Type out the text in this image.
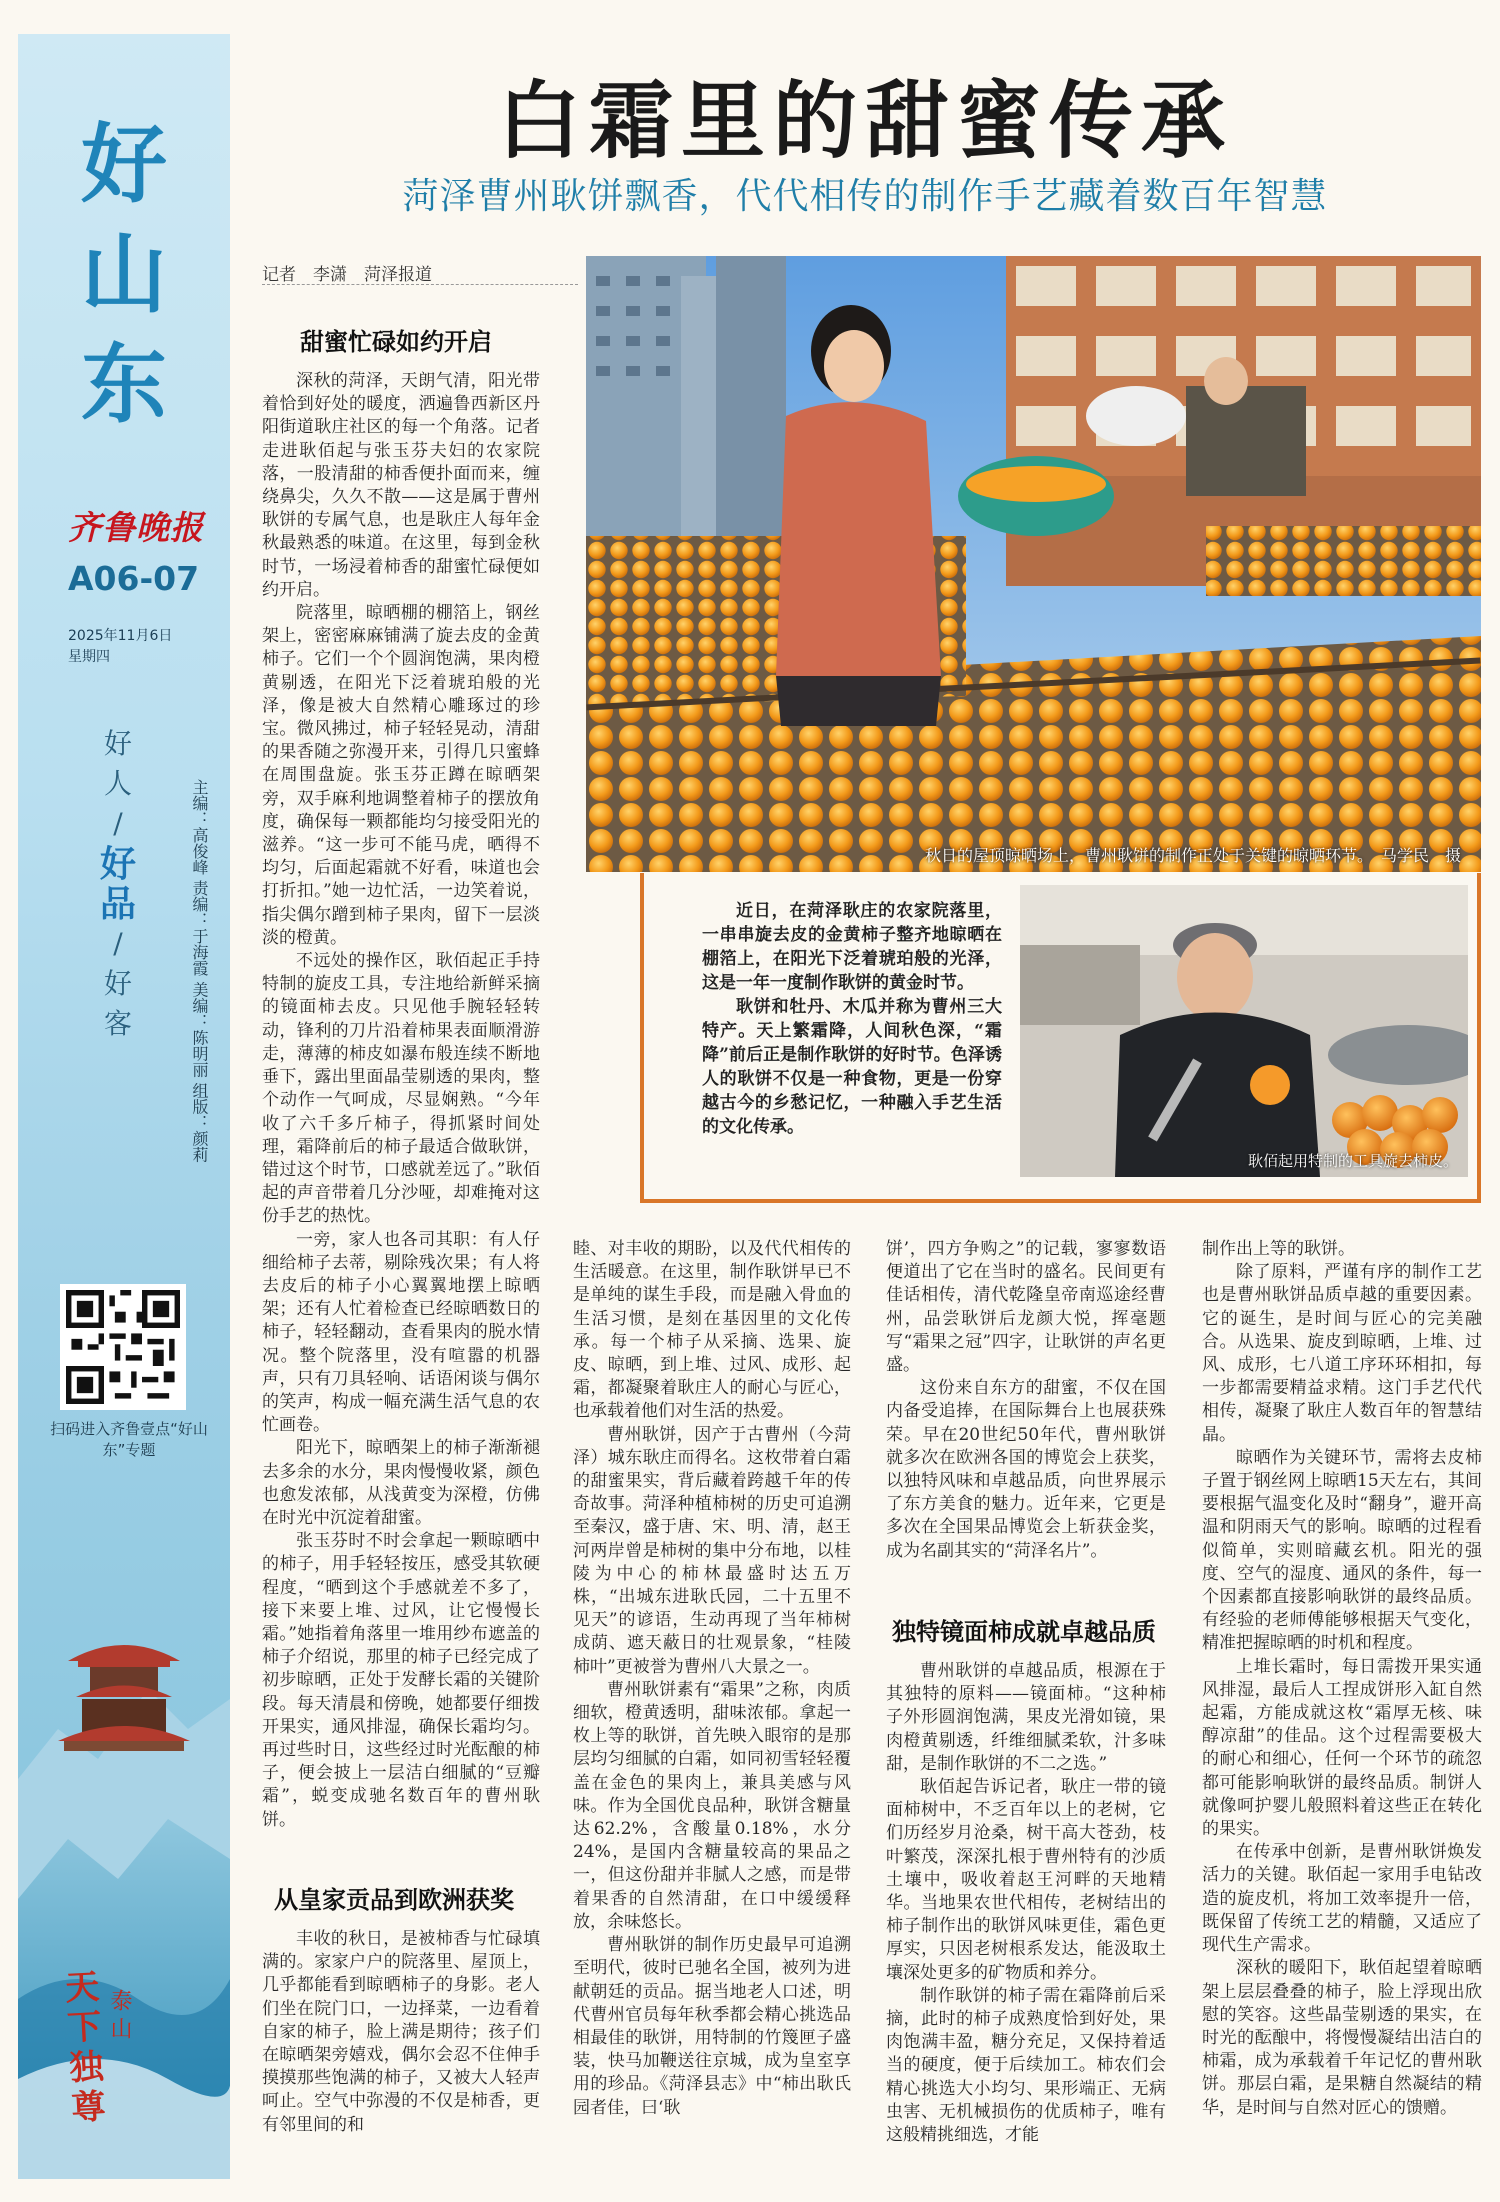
好
山
东
齐鲁晚报
A06-07
2025年11月6日
星期四
好
人
/
好
品
/
好
客	主编：高俊峰 责编：于海霞 美编：陈明丽 组版：颜莉
扫码进入齐鲁壹点“好山东”专题
天下独尊 泰山
白霜里的甜蜜传承
菏泽曹州耿饼飘香，代代相传的制作手艺藏着数百年智慧
记者　李潇　菏泽报道
秋日的屋顶晾晒场上，曹州耿饼的制作正处于关键的晾晒环节。　马学民　摄

近日，在菏泽耿庄的农家院落里，一串串旋去皮的金黄柿子整齐地晾晒在棚箔上，在阳光下泛着琥珀般的光泽，这是一年一度制作耿饼的黄金时节。

耿饼和牡丹、木瓜并称为曹州三大特产。天上繁霜降，人间秋色深，“霜降”前后正是制作耿饼的好时节。色泽诱人的耿饼不仅是一种食物，更是一份穿越古今的乡愁记忆，一种融入手艺生活的文化传承。

耿佰起用特制的工具旋去柿皮。
甜蜜忙碌如约开启

深秋的菏泽，天朗气清，阳光带着恰到好处的暖度，洒遍鲁西新区丹阳街道耿庄社区的每一个角落。记者走进耿佰起与张玉芬夫妇的农家院落，一股清甜的柿香便扑面而来，缠绕鼻尖，久久不散——这是属于曹州耿饼的专属气息，也是耿庄人每年金秋最熟悉的味道。在这里，每到金秋时节，一场浸着柿香的甜蜜忙碌便如约开启。

院落里，晾晒棚的棚箔上，钢丝架上，密密麻麻铺满了旋去皮的金黄柿子。它们一个个圆润饱满，果肉橙黄剔透，在阳光下泛着琥珀般的光泽，像是被大自然精心雕琢过的珍宝。微风拂过，柿子轻轻晃动，清甜的果香随之弥漫开来，引得几只蜜蜂在周围盘旋。张玉芬正蹲在晾晒架旁，双手麻利地调整着柿子的摆放角度，确保每一颗都能均匀接受阳光的滋养。“这一步可不能马虎，晒得不均匀，后面起霜就不好看，味道也会打折扣。”她一边忙活，一边笑着说，指尖偶尔蹭到柿子果肉，留下一层淡淡的橙黄。

不远处的操作区，耿佰起正手持特制的旋皮工具，专注地给新鲜采摘的镜面柿去皮。只见他手腕轻轻转动，锋利的刀片沿着柿果表面顺滑游走，薄薄的柿皮如瀑布般连续不断地垂下，露出里面晶莹剔透的果肉，整个动作一气呵成，尽显娴熟。“今年收了六千多斤柿子，得抓紧时间处理，霜降前后的柿子最适合做耿饼，错过这个时节，口感就差远了。”耿佰起的声音带着几分沙哑，却难掩对这份手艺的热忱。

一旁，家人也各司其职：有人仔细给柿子去蒂，剔除残次果；有人将去皮后的柿子小心翼翼地摆上晾晒架；还有人忙着检查已经晾晒数日的柿子，轻轻翻动，查看果肉的脱水情况。整个院落里，没有喧嚣的机器声，只有刀具轻响、话语闲谈与偶尔的笑声，构成一幅充满生活气息的农忙画卷。

阳光下，晾晒架上的柿子渐渐褪去多余的水分，果肉慢慢收紧，颜色也愈发浓郁，从浅黄变为深橙，仿佛在时光中沉淀着甜蜜。

张玉芬时不时会拿起一颗晾晒中的柿子，用手轻轻按压，感受其软硬程度，“晒到这个手感就差不多了，接下来要上堆、过风，让它慢慢长霜。”她指着角落里一堆用纱布遮盖的柿子介绍说，那里的柿子已经完成了初步晾晒，正处于发酵长霜的关键阶段。每天清晨和傍晚，她都要仔细拨开果实，通风排湿，确保长霜均匀。再过些时日，这些经过时光酝酿的柿子，便会披上一层洁白细腻的“豆瓣霜”，蜕变成驰名数百年的曹州耿饼。

从皇家贡品到欧洲获奖

丰收的秋日，是被柿香与忙碌填满的。家家户户的院落里、屋顶上，几乎都能看到晾晒柿子的身影。老人们坐在院门口，一边择菜，一边看着自家的柿子，脸上满是期待；孩子们在晾晒架旁嬉戏，偶尔会忍不住伸手摸摸那些饱满的柿子，又被大人轻声呵止。空气中弥漫的不仅是柿香，更有邻里间的和

睦、对丰收的期盼，以及代代相传的生活暖意。在这里，制作耿饼早已不是单纯的谋生手段，而是融入骨血的生活习惯，是刻在基因里的文化传承。每一个柿子从采摘、选果、旋皮、晾晒，到上堆、过风、成形、起霜，都凝聚着耿庄人的耐心与匠心，也承载着他们对生活的热爱。

曹州耿饼，因产于古曹州（今菏泽）城东耿庄而得名。这枚带着白霜的甜蜜果实，背后藏着跨越千年的传奇故事。菏泽种植柿树的历史可追溯至秦汉，盛于唐、宋、明、清，赵王河两岸曾是柿树的集中分布地，以桂陵为中心的柿林最盛时达五万株，“出城东进耿氏园，二十五里不见天”的谚语，生动再现了当年柿树成荫、遮天蔽日的壮观景象，“桂陵柿叶”更被誉为曹州八大景之一。

曹州耿饼素有“霜果”之称，肉质细软，橙黄透明，甜味浓郁。拿起一枚上等的耿饼，首先映入眼帘的是那层均匀细腻的白霜，如同初雪轻轻覆盖在金色的果肉上，兼具美感与风味。作为全国优良品种，耿饼含糖量达62.2%，含酸量0.18%，水分24%，是国内含糖量较高的果品之一，但这份甜并非腻人之感，而是带着果香的自然清甜，在口中缓缓释放，余味悠长。

曹州耿饼的制作历史最早可追溯至明代，彼时已驰名全国，被列为进献朝廷的贡品。据当地老人口述，明代曹州官员每年秋季都会精心挑选品相最佳的耿饼，用特制的竹篾匣子盛装，快马加鞭送往京城，成为皇室享用的珍品。《菏泽县志》中“柿出耿氏园者佳，曰‘耿

饼’，四方争购之”的记载，寥寥数语便道出了它在当时的盛名。民间更有佳话相传，清代乾隆皇帝南巡途经曹州，品尝耿饼后龙颜大悦，挥毫题写“霜果之冠”四字，让耿饼的声名更盛。

这份来自东方的甜蜜，不仅在国内备受追捧，在国际舞台上也展获殊荣。早在20世纪50年代，曹州耿饼就多次在欧洲各国的博览会上获奖，以独特风味和卓越品质，向世界展示了东方美食的魅力。近年来，它更是多次在全国果品博览会上斩获金奖，成为名副其实的“菏泽名片”。

独特镜面柿成就卓越品质

曹州耿饼的卓越品质，根源在于其独特的原料——镜面柿。“这种柿子外形圆润饱满，果皮光滑如镜，果肉橙黄剔透，纤维细腻柔软，汁多味甜，是制作耿饼的不二之选。”

耿佰起告诉记者，耿庄一带的镜面柿树中，不乏百年以上的老树，它们历经岁月沧桑，树干高大苍劲，枝叶繁茂，深深扎根于曹州特有的沙质土壤中，吸收着赵王河畔的天地精华。当地果农世代相传，老树结出的柿子制作出的耿饼风味更佳，霜色更厚实，只因老树根系发达，能汲取土壤深处更多的矿物质和养分。

制作耿饼的柿子需在霜降前后采摘，此时的柿子成熟度恰到好处，果肉饱满丰盈，糖分充足，又保持着适当的硬度，便于后续加工。柿农们会精心挑选大小均匀、果形端正、无病虫害、无机械损伤的优质柿子，唯有这般精挑细选，才能

制作出上等的耿饼。

除了原料，严谨有序的制作工艺也是曹州耿饼品质卓越的重要因素。它的诞生，是时间与匠心的完美融合。从选果、旋皮到晾晒，上堆、过风、成形，七八道工序环环相扣，每一步都需要精益求精。这门手艺代代相传，凝聚了耿庄人数百年的智慧结晶。

晾晒作为关键环节，需将去皮柿子置于钢丝网上晾晒15天左右，其间要根据气温变化及时“翻身”，避开高温和阴雨天气的影响。晾晒的过程看似简单，实则暗藏玄机。阳光的强度、空气的湿度、通风的条件，每一个因素都直接影响耿饼的最终品质。有经验的老师傅能够根据天气变化，精准把握晾晒的时机和程度。

上堆长霜时，每日需拨开果实通风排湿，最后人工捏成饼形入缸自然起霜，方能成就这枚“霜厚无核、味醇凉甜”的佳品。这个过程需要极大的耐心和细心，任何一个环节的疏忽都可能影响耿饼的最终品质。制饼人就像呵护婴儿般照料着这些正在转化的果实。

在传承中创新，是曹州耿饼焕发活力的关键。耿佰起一家用手电钻改造的旋皮机，将加工效率提升一倍，既保留了传统工艺的精髓，又适应了现代生产需求。

深秋的暖阳下，耿佰起望着晾晒架上层层叠叠的柿子，脸上浮现出欣慰的笑容。这些晶莹剔透的果实，在时光的酝酿中，将慢慢凝结出洁白的柿霜，成为承载着千年记忆的曹州耿饼。那层白霜，是果糖自然凝结的精华，是时间与自然对匠心的馈赠。
